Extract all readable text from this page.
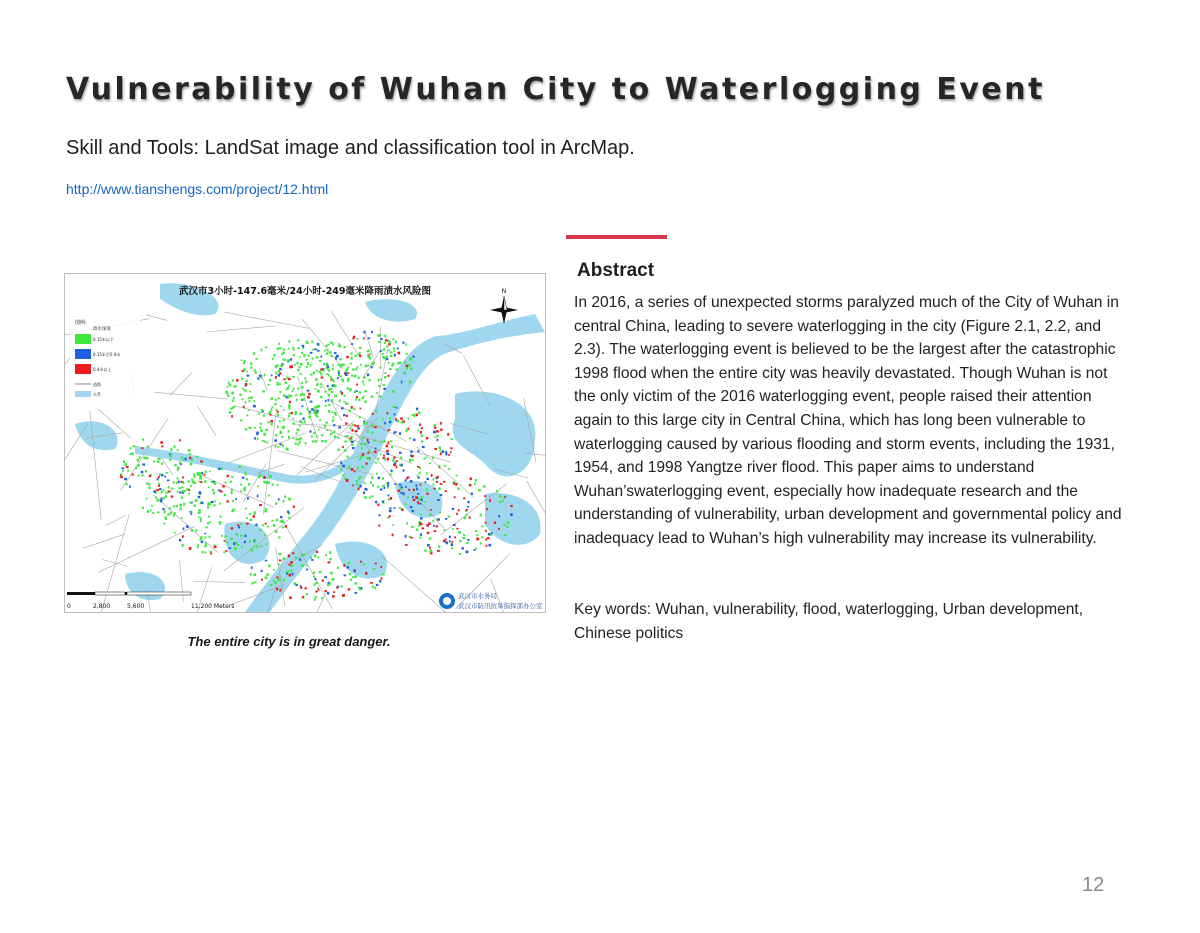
Vulnerability of Wuhan City to Waterlogging Event
Skill and Tools: LandSat image and classification tool in ArcMap.
http://www.tianshengs.com/project/12.html
武汉市3小时-147.6毫米/24小时-249毫米降雨渍水风险图
图例:
渍水深度
0.15米以下
0.15米至0.4米
0.4米以上
道路
水系
N
0	2,800	5,600	11,200 Meters
武汉市水务局
武汉市防汛抗旱指挥部办公室
The entire city is in great danger.
Abstract
In 2016, a series of unexpected storms paralyzed much of the City of Wuhan in central China, leading to severe waterlogging in the city (Figure 2.1, 2.2, and 2.3). The waterlogging event is believed to be the largest after the catastrophic 1998 flood when the entire city was heavily devastated. Though Wuhan is not the only victim of the 2016 waterlogging event, people raised their attention again to this large city in Central China, which has long been vulnerable to waterlogging caused by various flooding and storm events, including the 1931, 1954, and 1998 Yangtze river flood. This paper aims to understand Wuhan’swaterlogging event, especially how inadequate research and the understanding of vulnerability, urban development and governmental policy and inadequacy lead to Wuhan’s high vulnerability may increase its vulnerability.
Key words: Wuhan, vulnerability, flood, waterlogging, Urban development, Chinese politics
12
